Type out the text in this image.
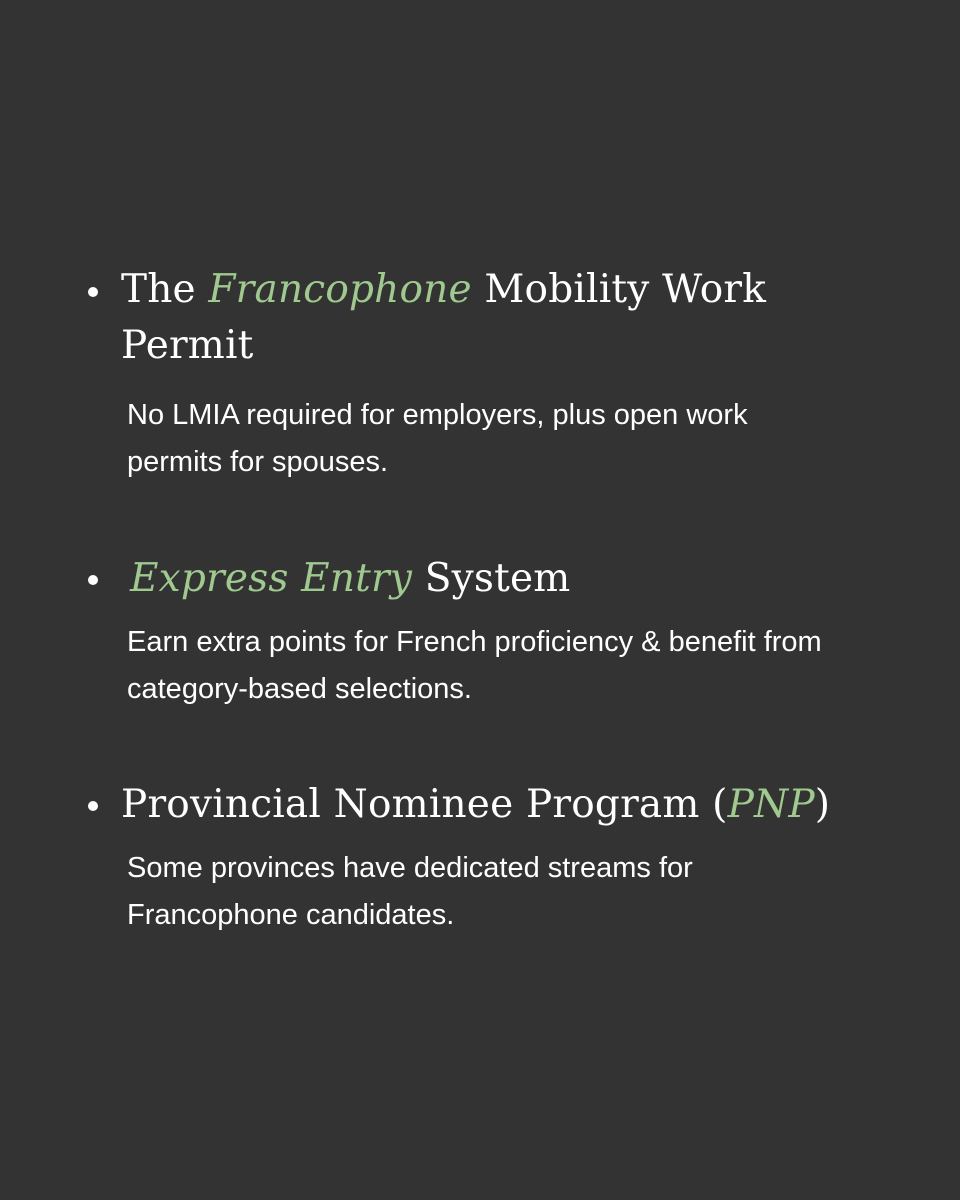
The Francophone Mobility Work
Permit

No LMIA required for employers, plus open work
permits for spouses.

Express Entry System

Earn extra points for French proficiency & benefit from
category-based selections.

Provincial Nominee Program (PNP)

Some provinces have dedicated streams for
Francophone candidates.
